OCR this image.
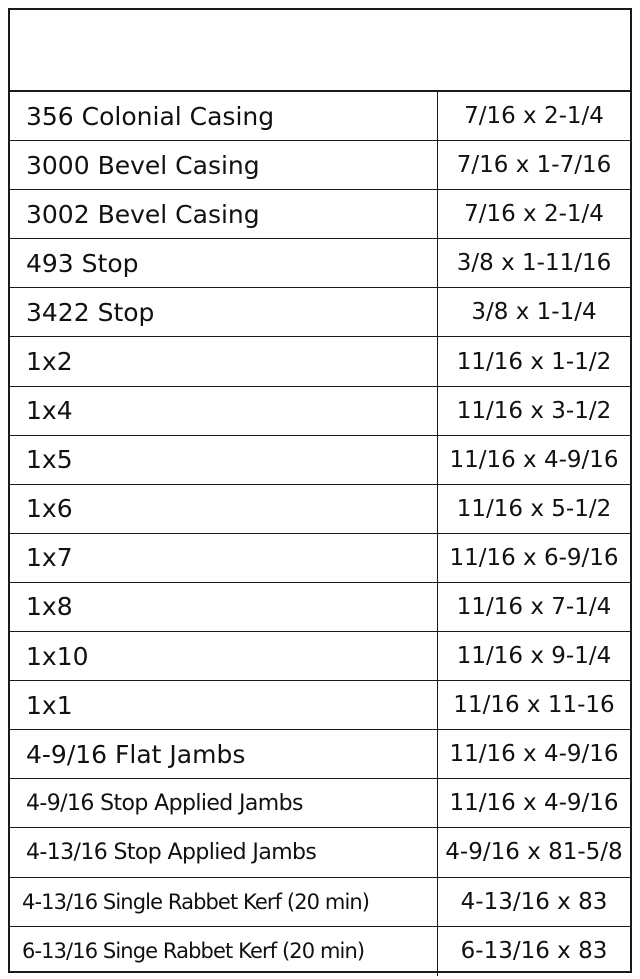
356 Colonial Casing	7/16 x 2-1/4
3000 Bevel Casing	7/16 x 1-7/16
3002 Bevel Casing	7/16 x 2-1/4
493 Stop	3/8 x 1-11/16
3422 Stop	3/8 x 1-1/4
1x2	11/16 x 1-1/2
1x4	11/16 x 3-1/2
1x5	11/16 x 4-9/16
1x6	11/16 x 5-1/2
1x7	11/16 x 6-9/16
1x8	11/16 x 7-1/4
1x10	11/16 x 9-1/4
1x1	11/16 x 11-16
4-9/16 Flat Jambs	11/16 x 4-9/16
4-9/16 Stop Applied Jambs	11/16 x 4-9/16
4-13/16 Stop Applied Jambs	4-9/16 x 81-5/8
4-13/16 Single Rabbet Kerf (20 min)	4-13/16 x 83
6-13/16 Singe Rabbet Kerf (20 min)	6-13/16 x 83
